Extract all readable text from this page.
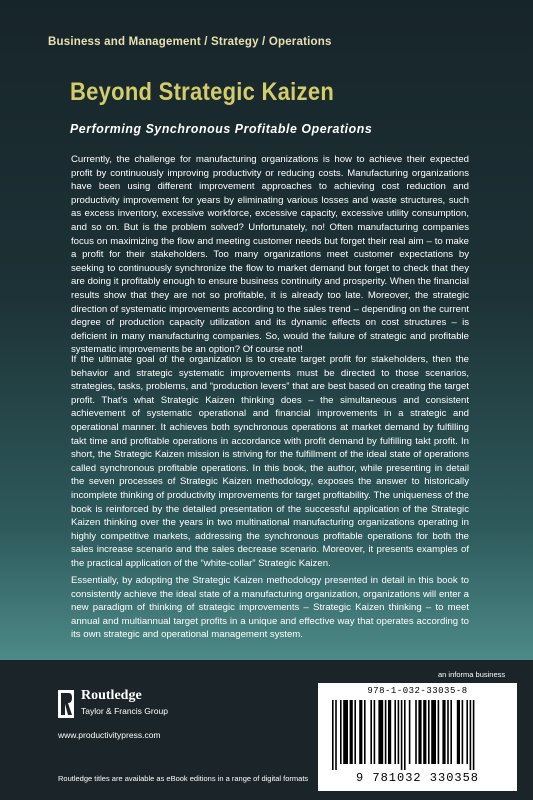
Business and Management / Strategy / Operations
Beyond Strategic Kaizen
Performing Synchronous Profitable Operations

Currently, the challenge for manufacturing organizations is how to achieve their expected profit by continuously improving productivity or reducing costs. Manufacturing organizations have been using different improvement approaches to achieving cost reduction and productivity improvement for years by eliminating various losses and waste structures, such as excess inventory, excessive workforce, excessive capacity, excessive utility consumption, and so on. But is the problem solved? Unfortunately, no! Often manufacturing companies focus on maximizing the flow and meeting customer needs but forget their real aim – to make a profit for their stakeholders. Too many organizations meet customer expectations by seeking to continuously synchronize the flow to market demand but forget to check that they are doing it profitably enough to ensure business continuity and prosperity. When the financial results show that they are not so profitable, it is already too late. Moreover, the strategic direction of systematic improvements according to the sales trend – depending on the current degree of production capacity utilization and its dynamic effects on cost structures – is deficient in many manufacturing companies. So, would the failure of strategic and profitable systematic improvements be an option? Of course not!

If the ultimate goal of the organization is to create target profit for stakeholders, then the behavior and strategic systematic improvements must be directed to those scenarios, strategies, tasks, problems, and “production levers” that are best based on creating the target profit. That’s what Strategic Kaizen thinking does – the simultaneous and consistent achievement of systematic operational and financial improvements in a strategic and operational manner. It achieves both synchronous operations at market demand by fulfilling takt time and profitable operations in accordance with profit demand by fulfilling takt profit. In short, the Strategic Kaizen mission is striving for the fulfillment of the ideal state of operations called synchronous profitable operations. In this book, the author, while presenting in detail the seven processes of Strategic Kaizen methodology, exposes the answer to historically incomplete thinking of productivity improvements for target profitability. The uniqueness of the book is reinforced by the detailed presentation of the successful application of the Strategic Kaizen thinking over the years in two multinational manufacturing organizations operating in highly competitive markets, addressing the synchronous profitable operations for both the sales increase scenario and the sales decrease scenario. Moreover, it presents examples of the practical application of the “white-collar” Strategic Kaizen.

Essentially, by adopting the Strategic Kaizen methodology presented in detail in this book to consistently achieve the ideal state of a manufacturing organization, organizations will enter a new paradigm of thinking of strategic improvements – Strategic Kaizen thinking – to meet annual and multiannual target profits in a unique and effective way that operates according to its own strategic and operational management system.

an informa business
Routledge
Taylor & Francis Group
www.productivitypress.com
Routledge titles are available as eBook editions in a range of digital formats
978-1-032-33035-8
9 781032 330358
